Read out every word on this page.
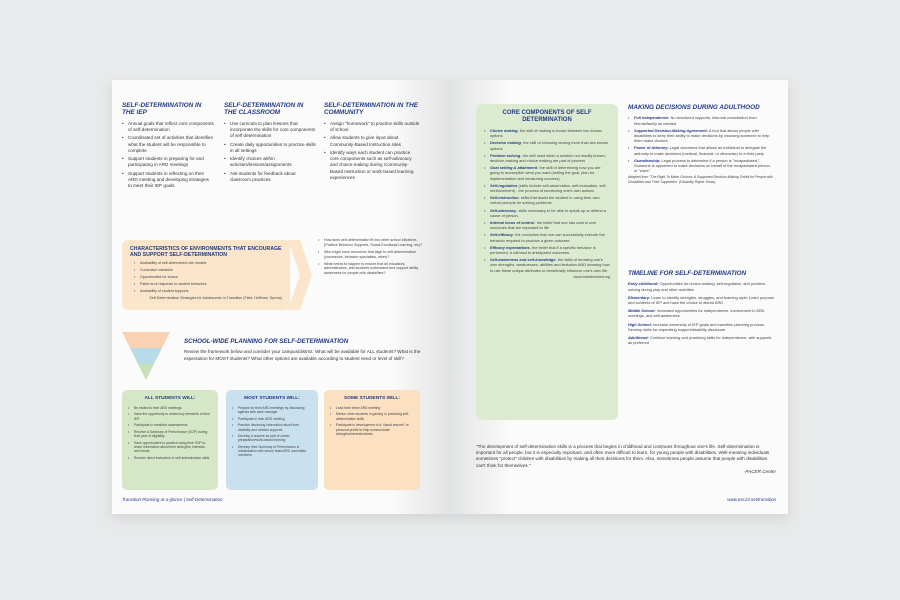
SELF-DETERMINATION IN THE IEP
• Annual goals that reflect core components of self-determination
• Coordinated set of activities that identifies what the student will be responsible to complete
• Support students in preparing for and participating in ARD meetings
• Support students in reflecting on their ARD meeting and developing strategies to meet their IEP goals
SELF-DETERMINATION IN THE CLASSROOM
• Use curricula to plan lessons that incorporate the skills for core components of self determination
• Create daily opportunities to practice skills in all settings
• Identify choices within activities/lessons/assignments
• Ask students for feedback about classroom practices
SELF-DETERMINATION IN THE COMMUNITY
• Assign "homework" to practice skills outside of school
• Allow students to give input about Community-Based Instruction sites
• Identify ways each student can practice core components such as self-advocacy and choice-making during Community-Based Instruction or work-based learning experiences
CHARACTERISTICS OF ENVIRONMENTS THAT ENCOURAGE AND SUPPORT SELF-DETERMINATION
▪ Availability of self-determined role models
▪ Curriculum variables
▪ Opportunities for choice
▪ Patterns of response to student behaviors
▪ Availability of student supports
Self-Determination Strategies for Adolescents in Transition (Field, Hoffman, Spezia)
• How does self-determination fit into other school initiatives (Positive Behavior Supports, Social-Emotional Learning, etc)?
• Who might have resources that align to self-determination (counselors, behavior specialists, other)?
• What needs to happen to ensure that all educators, administrators, and students understand and support ability awareness for people with disabilities?
SCHOOL-WIDE PLANNING FOR SELF-DETERMINATION
Review the framework below and consider your campus/district. What will be available for ALL students? What is the expectation for MOST students? What other options are available according to student need or level of skill?
ALL STUDENTS WILL:
• Be invited to their ARD meetings
• Have the opportunity to review key elements of their IEP
• Participate in transition assessments
• Receive a Summary of Performance (SOP) during final year of eligibility
• Have opportunities to practice using their SOP to share information about their strengths, interests, and needs
• Receive direct instruction in self determination skills
MOST STUDENTS WILL:
• Prepare for their ARD meetings by discussing agenda with case manager
• Participate in their ARD meeting
• Practice disclosing information about their disability and needed supports
• Develop a resume as part of career preparation/work-based learning
• Develop their Summary of Performance in collaboration with school team/ARD committee members
SOME STUDENTS WILL:
• Lead their entire ARD meeting
• Mentor other students in gaining or practicing self-determination skills
• Participate in development of a "visual resume" or personal profile to help communicate strengths/interests/needs
Transition Planning at-a-glance | Self-Determination
CORE COMPONENTS OF SELF DETERMINATION
• Choice making- the skill of making a choice between two known options
• Decision making- the skill of choosing among more than two known options
• Problem solving- the skill used when a solution not readily known; decision-making and choice making are part of process
• Goal setting & attainment- the skill of determining how you are going to accomplish what you want (setting the goal, plan for implementation and measuring success).
• Self-regulation (skills include self-observation, self-evaluation, self-reinforcement) - the process of monitoring one's own actions
• Self-instruction- skills that assist the student in using their own verbal prompts for solving problems.
• Self-advocacy- skills necessary to be able to speak up or defend a cause of person.
• Internal locus of control- the belief that one has control over outcomes that are important to life
• Self-efficacy- the conviction that one can successfully execute the behavior required to produce a given outcome.
• Efficacy expectations- the belief that if a specific behavior is performed, it will lead to anticipated outcomes.
• Self-awareness and self-knowledge- the skills of knowing one's own strengths, weaknesses, abilities and limitation AND knowing how to use these unique attributes to beneficially influence one's own life.
www.imdetermined.org
MAKING DECISIONS DURING ADULTHOOD
• Full Independence: No structured supports, informal consultation from friends/family as needed
• Supported Decision-Making Agreement: A tool that allows people with disabilities to keep their ability to make decisions by choosing someone to help them make choices.
• Power of Attorney: Legal document that allows an individual to delegate the authority to make decisions (medical, financial, or otherwise) to a third party
• Guardianship: Legal process to determine if a person is "incapacitated." Someone is appointed to make decisions on behalf of the incapacitated person, or "ward."
Adapted from "The Right To Make Choices: A Supported Decision-Making Toolkit for People with Disabilities and Their Supporters" (Disability Rights Texas)
TIMELINE FOR SELF-DETERMINATION
Early childhood: Opportunities for choice-making, self-regulation, and problem-solving during play and other activities
Elementary: Learn to identify strengths, struggles, and learning style; Learn purpose and contents of IEP and have the choice to attend ARD
Middle School: Increased opportunities for independence, involvement in ARD meetings, and self-awareness
High School: Increase ownership of IEP goals and transition planning process; Develop skills for requesting support/disability disclosure
Adulthood: Continue learning and practicing skills for independence, with supports as preferred
"The development of self-determination skills is a process that begins in childhood and continues throughout one's life. Self-determination is important for all people, but it is especially important, and often more difficult to learn, for young people with disabilities. Well-meaning individuals sometimes "protect" children with disabilities by making all their decisions for them. Also, sometimes people assume that people with disabilities can't think for themselves."
-PACER Center
www.esc13.net/transition
